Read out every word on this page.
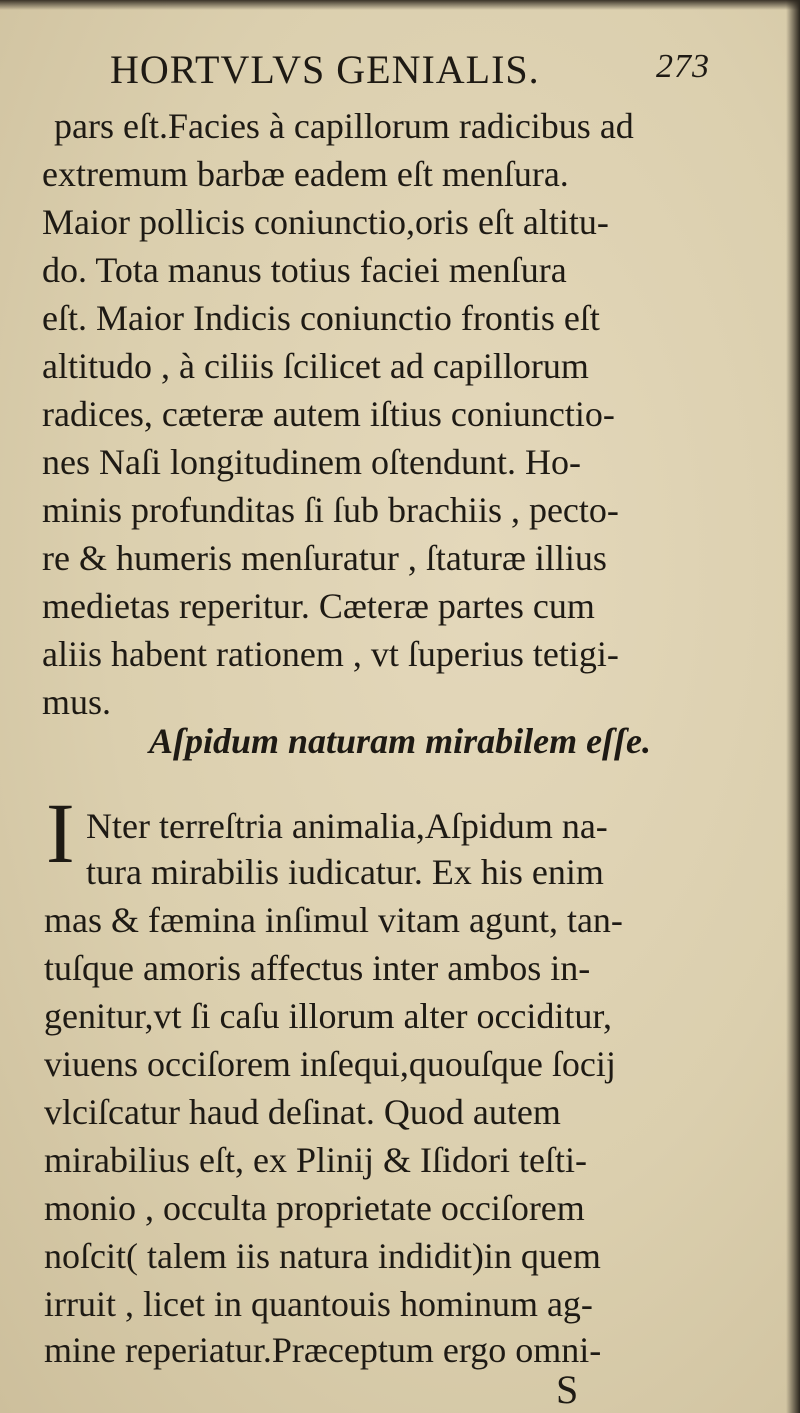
HORTVLVS GENIALIS.	273
pars eſt.Facies à capillorum radicibus ad
extremum barbæ eadem eſt menſura.
Maior pollicis coniunctio,oris eſt altitu-
do. Tota manus totius faciei menſura
eſt. Maior Indicis coniunctio frontis eſt
altitudo , à ciliis ſcilicet ad capillorum
radices, cæteræ autem iſtius coniunctio-
nes Naſi longitudinem oſtendunt. Ho-
minis profunditas ſi ſub brachiis , pecto-
re & humeris menſuratur , ſtaturæ illius
medietas reperitur. Cæteræ partes cum
aliis habent rationem , vt ſuperius tetigi-
mus.
Aſpidum naturam mirabilem eſſe.
I Nter terreſtria animalia,Aſpidum na-
tura mirabilis iudicatur. Ex his enim
mas & fæmina inſimul vitam agunt, tan-
tuſque amoris affectus inter ambos in-
genitur,vt ſi caſu illorum alter occiditur,
viuens occiſorem inſequi,quouſque ſocij
vlciſcatur haud deſinat. Quod autem
mirabilius eſt, ex Plinij & Iſidori teſti-
monio , occulta proprietate occiſorem
noſcit( talem iis natura indidit)in quem
irruit , licet in quantouis hominum ag-
mine reperiatur.Præceptum ergo omni-
S
